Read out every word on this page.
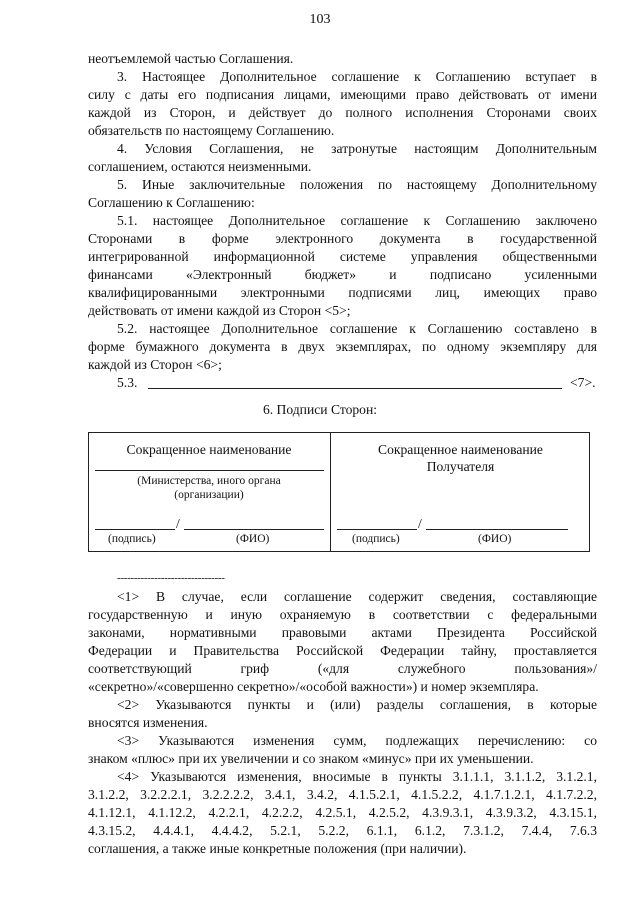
103
неотъемлемой частью Соглашения.
3. Настоящее Дополнительное соглашение к Соглашению вступает в
силу с даты его подписания лицами, имеющими право действовать от имени
каждой из Сторон, и действует до полного исполнения Сторонами своих
обязательств по настоящему Соглашению.
4. Условия Соглашения, не затронутые настоящим Дополнительным
соглашением, остаются неизменными.
5. Иные заключительные положения по настоящему Дополнительному
Соглашению к Соглашению:
5.1. настоящее Дополнительное соглашение к Соглашению заключено
Сторонами в форме электронного документа в государственной
интегрированной информационной системе управления общественными
финансами «Электронный бюджет» и подписано усиленными
квалифицированными электронными подписями лиц, имеющих право
действовать от имени каждой из Сторон <5>;
5.2. настоящее Дополнительное соглашение к Соглашению составлено в
форме бумажного документа в двух экземплярах, по одному экземпляру для
каждой из Сторон <6>;
5.3.	<7>.
6. Подписи Сторон:
Сокращенное наименование
(Министерства, иного органа
(организации)
/
(подпись)	(ФИО)
Сокращенное наименование
Получателя
/
(подпись)	(ФИО)
--------------------------------
<1> В случае, если соглашение содержит сведения, составляющие
государственную и иную охраняемую в соответствии с федеральными
законами, нормативными правовыми актами Президента Российской
Федерации и Правительства Российской Федерации тайну, проставляется
соответствующий гриф («для служебного пользования»/
«секретно»/«совершенно секретно»/«особой важности») и номер экземпляра.
<2> Указываются пункты и (или) разделы соглашения, в которые
вносятся изменения.
<3> Указываются изменения сумм, подлежащих перечислению: со
знаком «плюс» при их увеличении и со знаком «минус» при их уменьшении.
<4> Указываются изменения, вносимые в пункты 3.1.1.1, 3.1.1.2, 3.1.2.1,
3.1.2.2, 3.2.2.2.1, 3.2.2.2.2, 3.4.1, 3.4.2, 4.1.5.2.1, 4.1.5.2.2, 4.1.7.1.2.1, 4.1.7.2.2,
4.1.12.1, 4.1.12.2, 4.2.2.1, 4.2.2.2, 4.2.5.1, 4.2.5.2, 4.3.9.3.1, 4.3.9.3.2, 4.3.15.1,
4.3.15.2, 4.4.4.1, 4.4.4.2, 5.2.1, 5.2.2, 6.1.1, 6.1.2, 7.3.1.2, 7.4.4, 7.6.3
соглашения, а также иные конкретные положения (при наличии).
